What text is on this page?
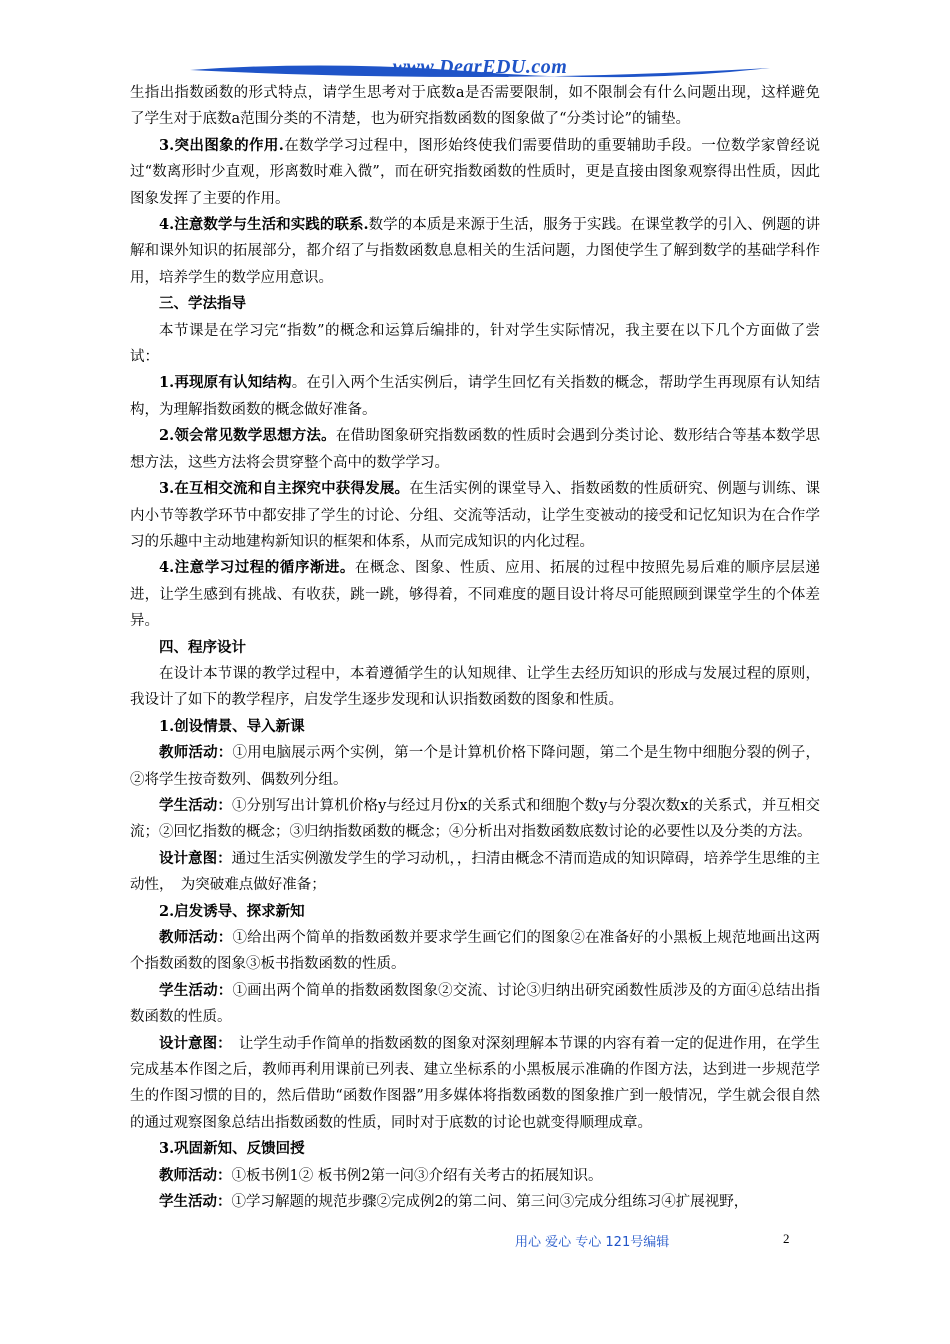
www.DearEDU.com

生指出指数函数的形式特点，请学生思考对于底数a是否需要限制，如不限制会有什么问题出现，这样避免了学生对于底数a范围分类的不清楚，也为研究指数函数的图象做了“分类讨论”的铺垫。

3.突出图象的作用.在数学学习过程中，图形始终使我们需要借助的重要辅助手段。一位数学家曾经说过“数离形时少直观，形离数时难入微”，而在研究指数函数的性质时，更是直接由图象观察得出性质，因此图象发挥了主要的作用。

4.注意数学与生活和实践的联系.数学的本质是来源于生活，服务于实践。在课堂教学的引入、例题的讲解和课外知识的拓展部分，都介绍了与指数函数息息相关的生活问题，力图使学生了解到数学的基础学科作用，培养学生的数学应用意识。

三、学法指导

本节课是在学习完“指数”的概念和运算后编排的，针对学生实际情况，我主要在以下几个方面做了尝试：

1.再现原有认知结构。在引入两个生活实例后，请学生回忆有关指数的概念，帮助学生再现原有认知结构，为理解指数函数的概念做好准备。

2.领会常见数学思想方法。在借助图象研究指数函数的性质时会遇到分类讨论、数形结合等基本数学思想方法，这些方法将会贯穿整个高中的数学学习。

3.在互相交流和自主探究中获得发展。在生活实例的课堂导入、指数函数的性质研究、例题与训练、课内小节等教学环节中都安排了学生的讨论、分组、交流等活动，让学生变被动的接受和记忆知识为在合作学习的乐趣中主动地建构新知识的框架和体系，从而完成知识的内化过程。

4.注意学习过程的循序渐进。在概念、图象、性质、应用、拓展的过程中按照先易后难的顺序层层递进，让学生感到有挑战、有收获，跳一跳，够得着，不同难度的题目设计将尽可能照顾到课堂学生的个体差异。

四、程序设计

在设计本节课的教学过程中，本着遵循学生的认知规律、让学生去经历知识的形成与发展过程的原则，我设计了如下的教学程序，启发学生逐步发现和认识指数函数的图象和性质。

1.创设情景、导入新课

教师活动：①用电脑展示两个实例，第一个是计算机价格下降问题，第二个是生物中细胞分裂的例子，②将学生按奇数列、偶数列分组。

学生活动：①分别写出计算机价格y与经过月份x的关系式和细胞个数y与分裂次数x的关系式，并互相交流；②回忆指数的概念；③归纳指数函数的概念；④分析出对指数函数底数讨论的必要性以及分类的方法。

设计意图：通过生活实例激发学生的学习动机，，扫清由概念不清而造成的知识障碍，培养学生思维的主动性，　为突破难点做好准备；

2.启发诱导、探求新知

教师活动：①给出两个简单的指数函数并要求学生画它们的图象②在准备好的小黑板上规范地画出这两个指数函数的图象③板书指数函数的性质。

学生活动：①画出两个简单的指数函数图象②交流、讨论③归纳出研究函数性质涉及的方面④总结出指数函数的性质。

设计意图：　让学生动手作简单的指数函数的图象对深刻理解本节课的内容有着一定的促进作用，在学生完成基本作图之后，教师再利用课前已列表、建立坐标系的小黑板展示准确的作图方法，达到进一步规范学生的作图习惯的目的，然后借助“函数作图器”用多媒体将指数函数的图象推广到一般情况，学生就会很自然的通过观察图象总结出指数函数的性质，同时对于底数的讨论也就变得顺理成章。

3.巩固新知、反馈回授

教师活动：①板书例1② 板书例2第一问③介绍有关考古的拓展知识。

学生活动：①学习解题的规范步骤②完成例2的第二问、第三问③完成分组练习④扩展视野，

用心 爱心 专心 121号编辑	2
